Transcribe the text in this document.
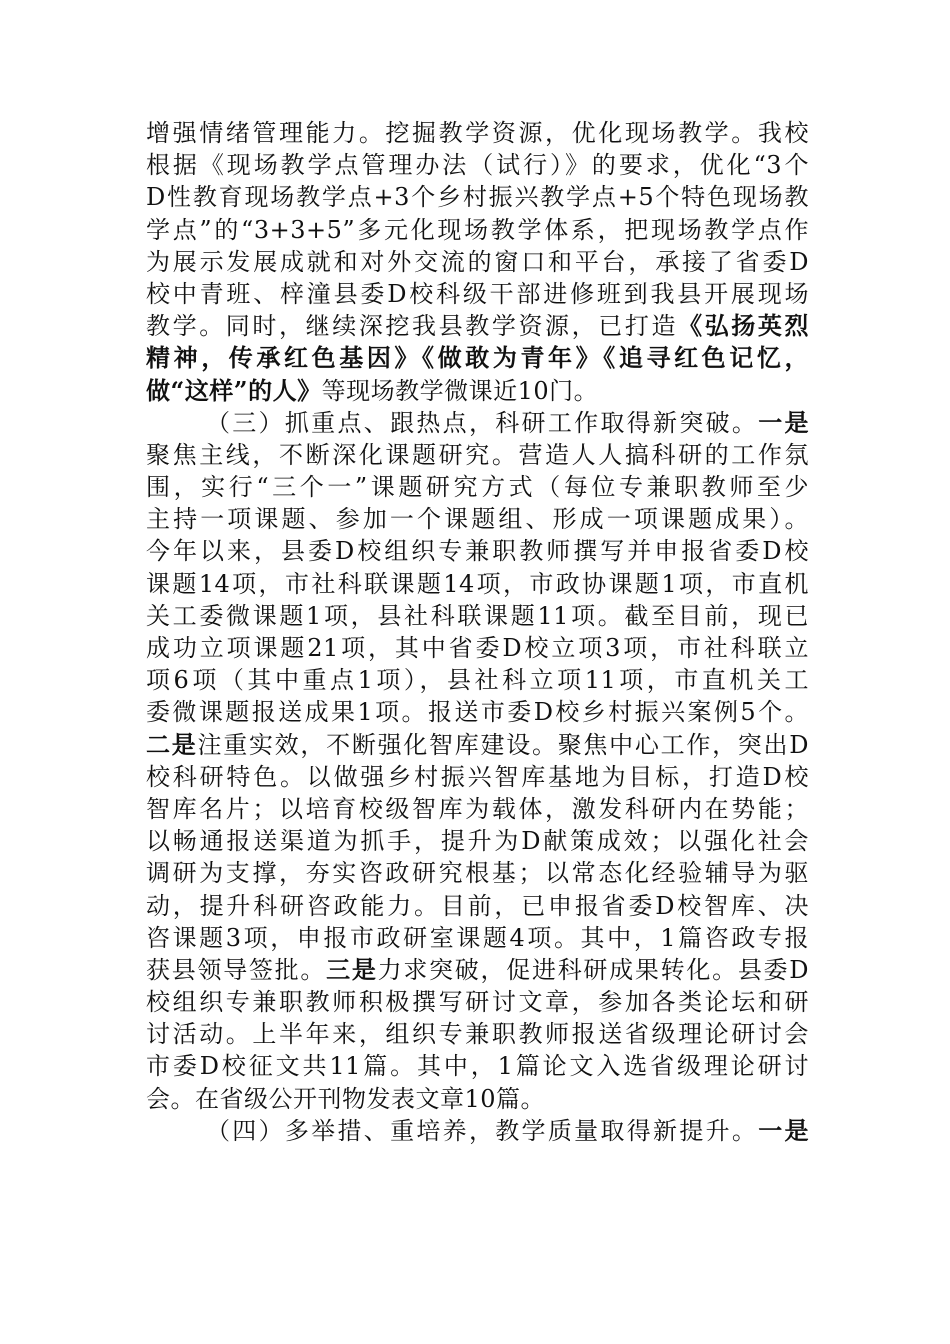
增强情绪管理能力。挖掘教学资源，优化现场教学。我校
根据《现场教学点管理办法（试行）》的要求，优化“3个
D性教育现场教学点+3个乡村振兴教学点+5个特色现场教
学点”的“3+3+5”多元化现场教学体系，把现场教学点作
为展示发展成就和对外交流的窗口和平台，承接了省委D
校中青班、梓潼县委D校科级干部进修班到我县开展现场
教学。同时，继续深挖我县教学资源，已打造《弘扬英烈
精神，传承红色基因》《做敢为青年》《追寻红色记忆，
做“这样”的人》等现场教学微课近10门。
（三）抓重点、跟热点，科研工作取得新突破。一是
聚焦主线，不断深化课题研究。营造人人搞科研的工作氛
围，实行“三个一”课题研究方式（每位专兼职教师至少
主持一项课题、参加一个课题组、形成一项课题成果）。
今年以来，县委D校组织专兼职教师撰写并申报省委D校
课题14项，市社科联课题14项，市政协课题1项，市直机
关工委微课题1项，县社科联课题11项。截至目前，现已
成功立项课题21项，其中省委D校立项3项，市社科联立
项6项（其中重点1项），县社科立项11项，市直机关工
委微课题报送成果1项。报送市委D校乡村振兴案例5个。
二是注重实效，不断强化智库建设。聚焦中心工作，突出D
校科研特色。以做强乡村振兴智库基地为目标，打造D校
智库名片；以培育校级智库为载体，激发科研内在势能；
以畅通报送渠道为抓手，提升为D献策成效；以强化社会
调研为支撑，夯实咨政研究根基；以常态化经验辅导为驱
动，提升科研咨政能力。目前，已申报省委D校智库、决
咨课题3项，申报市政研室课题4项。其中，1篇咨政专报
获县领导签批。三是力求突破，促进科研成果转化。县委D
校组织专兼职教师积极撰写研讨文章，参加各类论坛和研
讨活动。上半年来，组织专兼职教师报送省级理论研讨会
市委D校征文共11篇。其中，1篇论文入选省级理论研讨
会。在省级公开刊物发表文章10篇。
（四）多举措、重培养，教学质量取得新提升。一是
